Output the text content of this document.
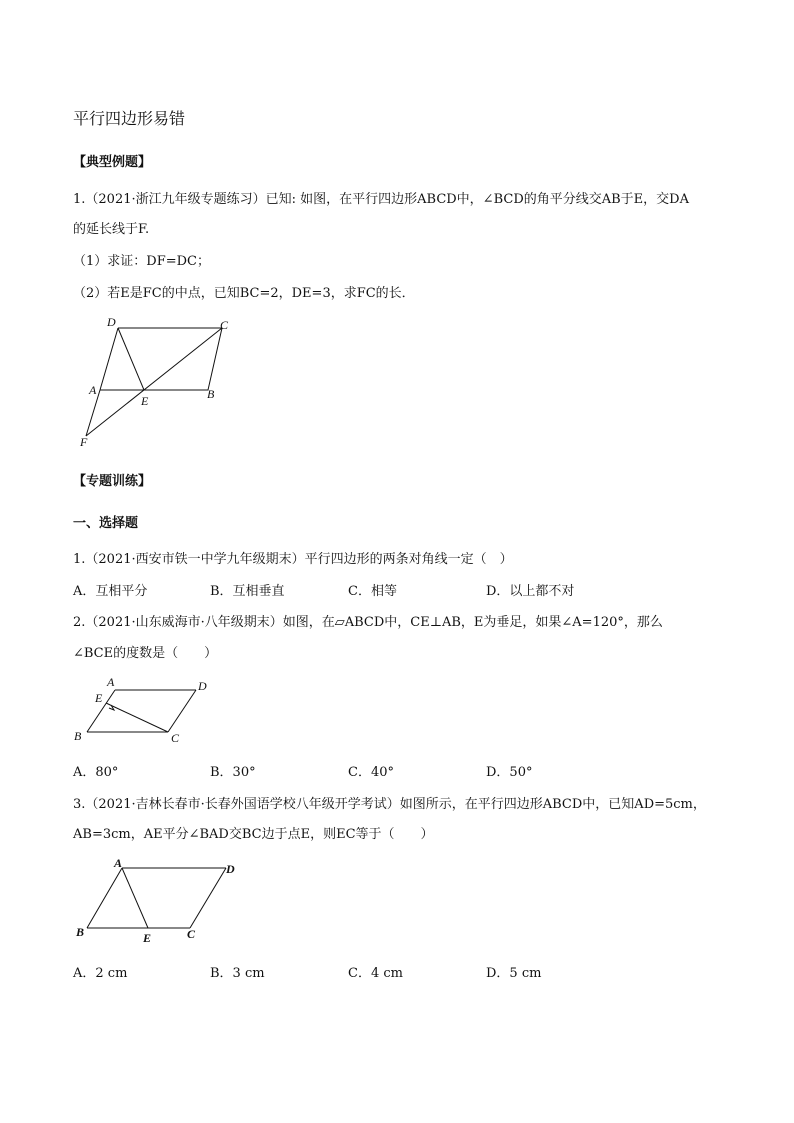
平行四边形易错
【典型例题】
1.（2021·浙江九年级专题练习）已知: 如图，在平行四边形ABCD中，∠BCD的角平分线交AB于E，交DA
的延长线于F.
（1）求证：DF=DC；
（2）若E是FC的中点，已知BC=2，DE=3，求FC的长．
D	C
A
E	B
F
【专题训练】
一、选择题
1.（2021·西安市铁一中学九年级期末）平行四边形的两条对角线一定（　）
A．互相平分	B．互相垂直	C．相等	D．以上都不对
2.（2021·山东威海市·八年级期末）如图，在▱ABCD中，CE⊥AB，E为垂足，如果∠A=120°，那么
∠BCE的度数是（　　）
A	D
E
B	C
A．80°	B．30°	C．40°	D．50°
3.（2021·吉林长春市·长春外国语学校八年级开学考试）如图所示，在平行四边形ABCD中，已知AD=5cm，
AB=3cm，AE平分∠BAD交BC边于点E，则EC等于（　　）
A	D
B	E	C
A．2 cm	B．3 cm	C．4 cm	D．5 cm
